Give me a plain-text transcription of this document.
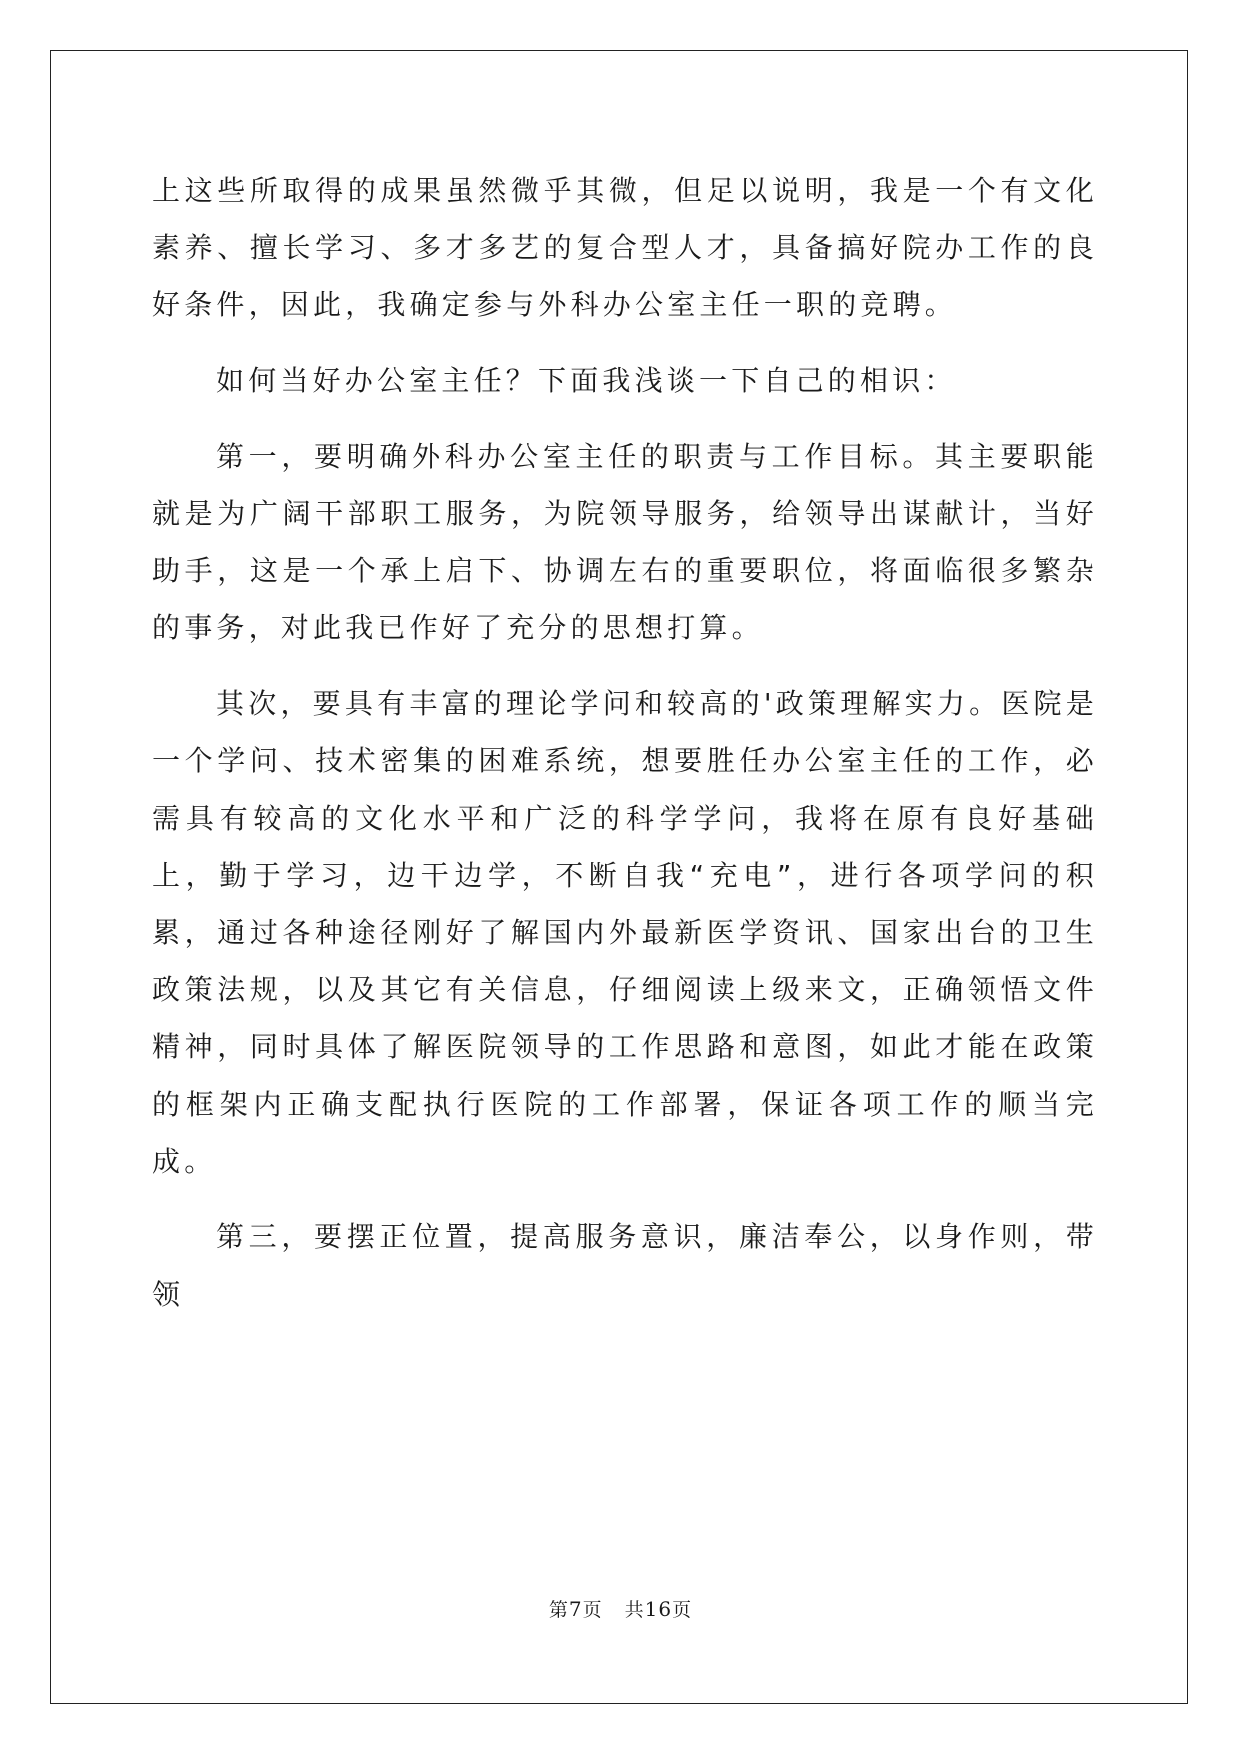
上这些所取得的成果虽然微乎其微，但足以说明，我是一个有文化素养、擅长学习、多才多艺的复合型人才，具备搞好院办工作的良好条件，因此，我确定参与外科办公室主任一职的竞聘。

如何当好办公室主任？下面我浅谈一下自己的相识：

第一，要明确外科办公室主任的职责与工作目标。其主要职能就是为广阔干部职工服务，为院领导服务，给领导出谋献计，当好助手，这是一个承上启下、协调左右的重要职位，将面临很多繁杂的事务，对此我已作好了充分的思想打算。

其次，要具有丰富的理论学问和较高的'政策理解实力。医院是一个学问、技术密集的困难系统，想要胜任办公室主任的工作，必需具有较高的文化水平和广泛的科学学问，我将在原有良好基础上，勤于学习，边干边学，不断自我“充电”，进行各项学问的积累，通过各种途径刚好了解国内外最新医学资讯、国家出台的卫生政策法规，以及其它有关信息，仔细阅读上级来文，正确领悟文件精神，同时具体了解医院领导的工作思路和意图，如此才能在政策的框架内正确支配执行医院的工作部署，保证各项工作的顺当完成。

第三，要摆正位置，提高服务意识，廉洁奉公，以身作则，带领

第7页 共16页
